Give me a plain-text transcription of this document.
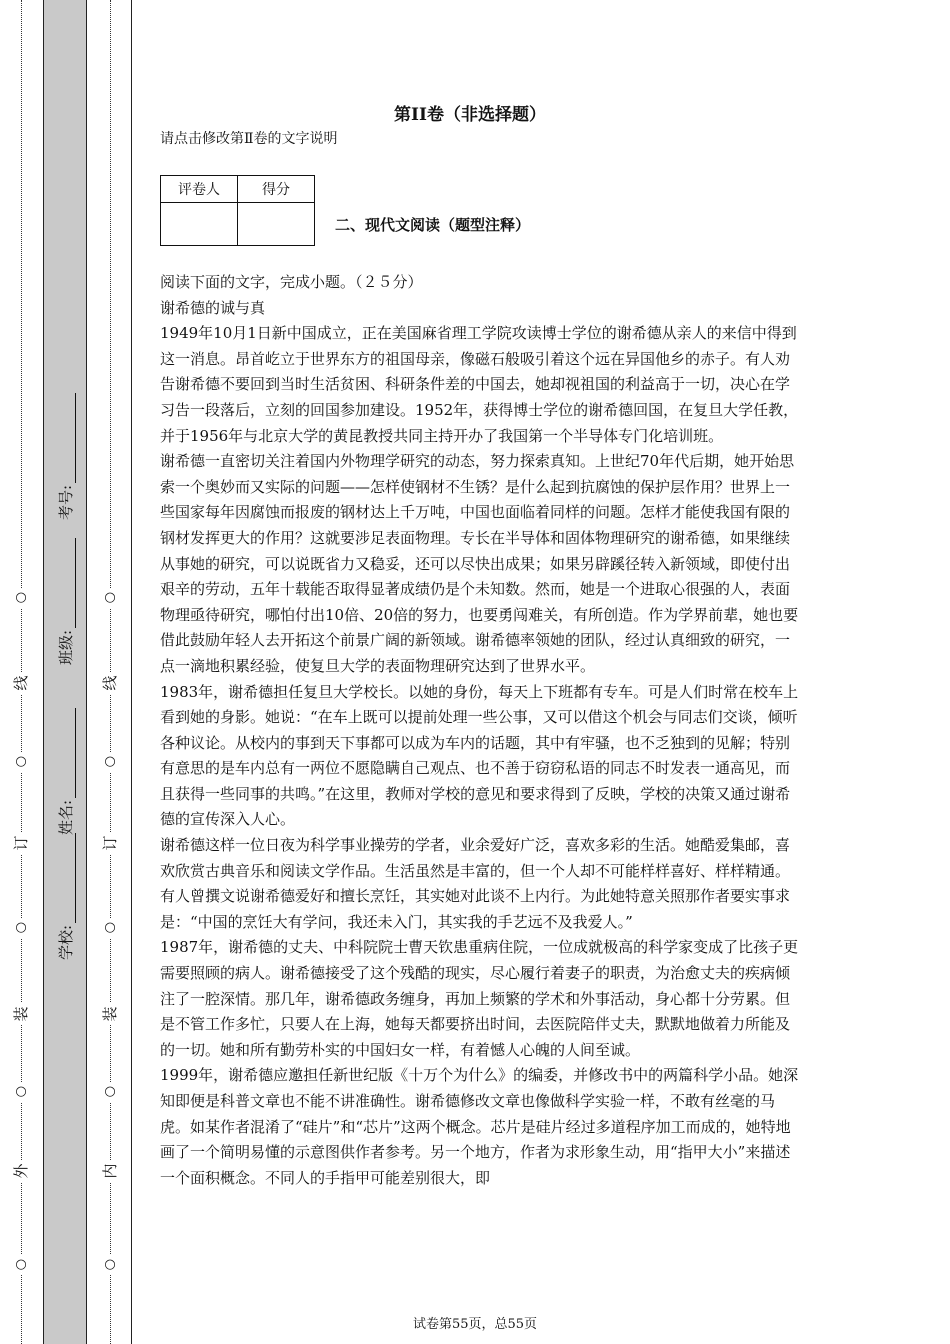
○
外
○
装
○
订
○
线
○
○
内
○
装
○
订
○
线
○
学校:
姓名:
班级:
考号:
第II卷（非选择题）
请点击修改第Ⅱ卷的文字说明
评卷人	得分

二、现代文阅读（题型注释）

阅读下面的文字，完成小题。（２５分）

谢希德的诚与真

1949年10月1日新中国成立，正在美国麻省理工学院攻读博士学位的谢希德从亲人的来信中得到这一消息。昂首屹立于世界东方的祖国母亲，像磁石般吸引着这个远在异国他乡的赤子。有人劝告谢希德不要回到当时生活贫困、科研条件差的中国去，她却视祖国的利益高于一切，决心在学习告一段落后，立刻的回国参加建设。1952年，获得博士学位的谢希德回国，在复旦大学任教，并于1956年与北京大学的黄昆教授共同主持开办了我国第一个半导体专门化培训班。

谢希德一直密切关注着国内外物理学研究的动态，努力探索真知。上世纪70年代后期，她开始思索一个奥妙而又实际的问题——怎样使钢材不生锈？是什么起到抗腐蚀的保护层作用？世界上一些国家每年因腐蚀而报废的钢材达上千万吨，中国也面临着同样的问题。怎样才能使我国有限的钢材发挥更大的作用？这就要涉足表面物理。专长在半导体和固体物理研究的谢希德，如果继续从事她的研究，可以说既省力又稳妥，还可以尽快出成果；如果另辟蹊径转入新领域，即使付出艰辛的劳动，五年十载能否取得显著成绩仍是个未知数。然而，她是一个进取心很强的人，表面物理亟待研究，哪怕付出10倍、20倍的努力，也要勇闯难关，有所创造。作为学界前辈，她也要借此鼓励年轻人去开拓这个前景广阔的新领域。谢希德率领她的团队，经过认真细致的研究，一点一滴地积累经验，使复旦大学的表面物理研究达到了世界水平。

1983年，谢希德担任复旦大学校长。以她的身份，每天上下班都有专车。可是人们时常在校车上看到她的身影。她说：“在车上既可以提前处理一些公事，又可以借这个机会与同志们交谈，倾听各种议论。从校内的事到天下事都可以成为车内的话题，其中有牢骚，也不乏独到的见解；特别有意思的是车内总有一两位不愿隐瞒自己观点、也不善于窃窃私语的同志不时发表一通高见，而且获得一些同事的共鸣。”在这里，教师对学校的意见和要求得到了反映，学校的决策又通过谢希德的宣传深入人心。

谢希德这样一位日夜为科学事业操劳的学者，业余爱好广泛，喜欢多彩的生活。她酷爱集邮，喜欢欣赏古典音乐和阅读文学作品。生活虽然是丰富的，但一个人却不可能样样喜好、样样精通。有人曾撰文说谢希德爱好和擅长烹饪，其实她对此谈不上内行。为此她特意关照那作者要实事求是：“中国的烹饪大有学问，我还未入门，其实我的手艺远不及我爱人。”

1987年，谢希德的丈夫、中科院院士曹天钦患重病住院，一位成就极高的科学家变成了比孩子更需要照顾的病人。谢希德接受了这个残酷的现实，尽心履行着妻子的职责，为治愈丈夫的疾病倾注了一腔深情。那几年，谢希德政务缠身，再加上频繁的学术和外事活动，身心都十分劳累。但是不管工作多忙，只要人在上海，她每天都要挤出时间，去医院陪伴丈夫，默默地做着力所能及的一切。她和所有勤劳朴实的中国妇女一样，有着憾人心魄的人间至诚。

1999年，谢希德应邀担任新世纪版《十万个为什么》的编委，并修改书中的两篇科学小品。她深知即便是科普文章也不能不讲准确性。谢希德修改文章也像做科学实验一样，不敢有丝毫的马虎。如某作者混淆了“硅片”和“芯片”这两个概念。芯片是硅片经过多道程序加工而成的，她特地画了一个简明易懂的示意图供作者参考。另一个地方，作者为求形象生动，用“指甲大小”来描述一个面积概念。不同人的手指甲可能差别很大，即

试卷第55页，总55页
